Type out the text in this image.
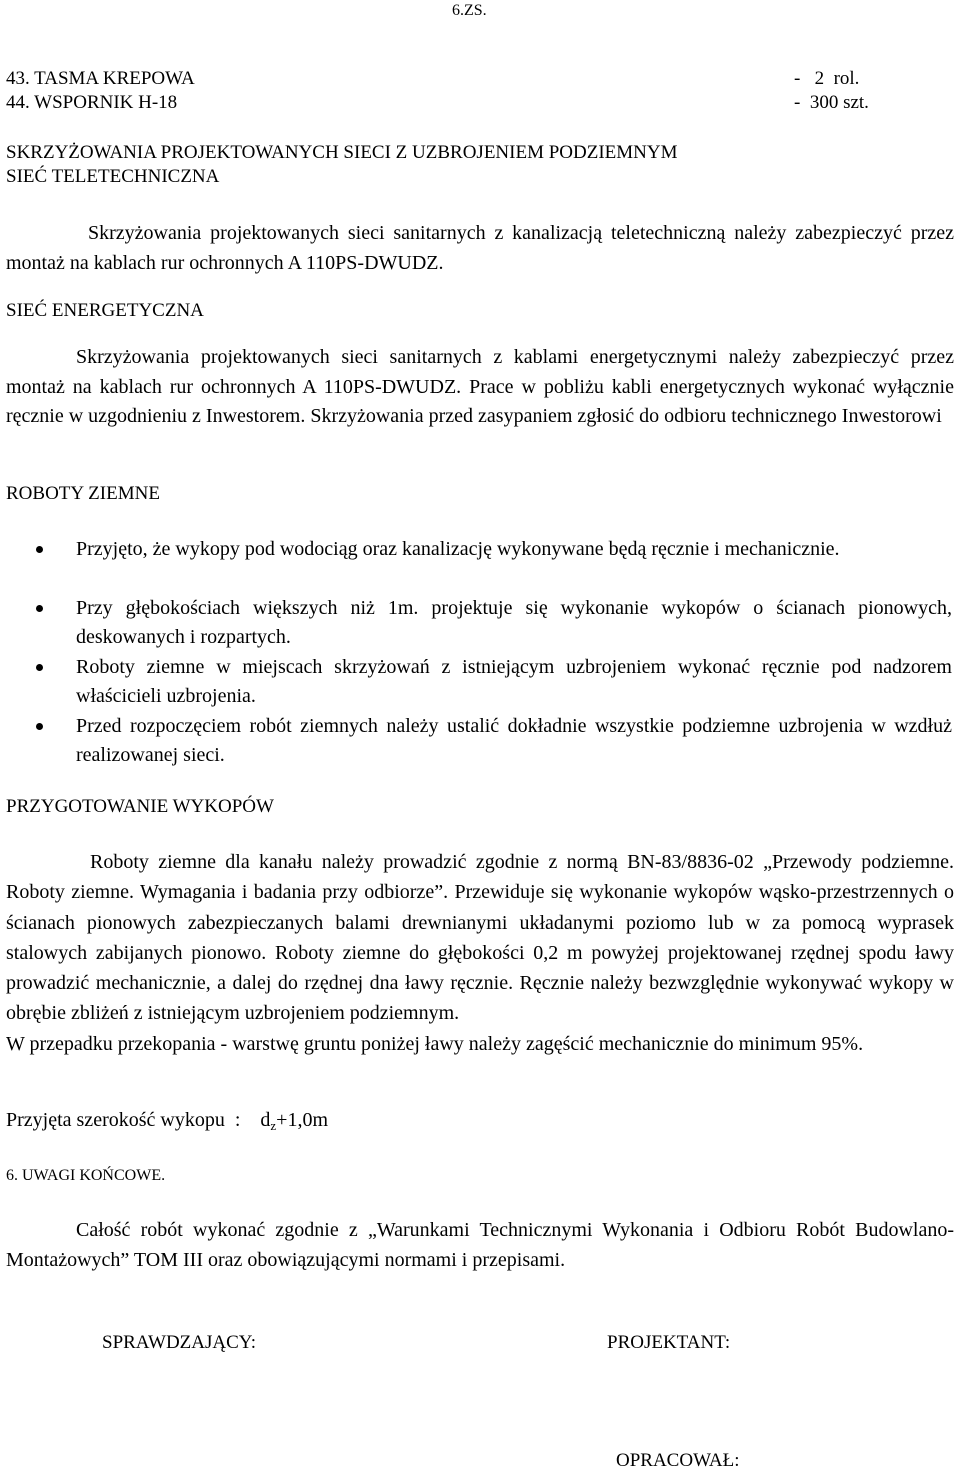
6.ZS.
43. TASMA KREPOWA	-   2  rol.
44. WSPORNIK H-18	-  300 szt.
SKRZYŻOWANIA PROJEKTOWANYCH SIECI Z UZBROJENIEM PODZIEMNYM
SIEĆ TELETECHNICZNA
Skrzyżowania projektowanych sieci sanitarnych z kanalizacją teletechniczną należy zabezpieczyć przez montaż na kablach rur ochronnych A 110PS-DWUDZ.
SIEĆ ENERGETYCZNA
Skrzyżowania projektowanych sieci sanitarnych z kablami energetycznymi należy zabezpieczyć przez montaż na kablach rur ochronnych A 110PS-DWUDZ. Prace w pobliżu kabli energetycznych wykonać wyłącznie ręcznie w uzgodnieniu z Inwestorem. Skrzyżowania przed zasypaniem zgłosić do odbioru technicznego Inwestorowi
ROBOTY ZIEMNE
Przyjęto, że wykopy pod wodociąg oraz kanalizację wykonywane będą ręcznie i mechanicznie.
Przy głębokościach większych niż 1m. projektuje się wykonanie wykopów o ścianach pionowych, deskowanych i rozpartych.
Roboty ziemne w miejscach skrzyżowań z istniejącym uzbrojeniem wykonać ręcznie pod nadzorem właścicieli uzbrojenia.
Przed rozpoczęciem robót ziemnych należy ustalić dokładnie wszystkie podziemne uzbrojenia w wzdłuż realizowanej sieci.
PRZYGOTOWANIE WYKOPÓW
Roboty ziemne dla kanału należy prowadzić zgodnie z normą BN-83/8836-02 „Przewody podziemne. Roboty ziemne. Wymagania i badania przy odbiorze”. Przewiduje się wykonanie wykopów wąsko-przestrzennych o ścianach pionowych zabezpieczanych balami drewnianymi układanymi poziomo lub w za pomocą wyprasek stalowych zabijanych pionowo. Roboty ziemne do głębokości 0,2 m powyżej projektowanej rzędnej spodu ławy prowadzić mechanicznie, a dalej do rzędnej dna ławy ręcznie. Ręcznie należy bezwzględnie wykonywać wykopy w obrębie zbliżeń z istniejącym uzbrojeniem podziemnym.
W przepadku przekopania - warstwę gruntu poniżej ławy należy zagęścić mechanicznie do minimum 95%.
Przyjęta szerokość wykopu  : $d_z+1,0m$
6. UWAGI KOŃCOWE.
Całość robót wykonać zgodnie z „Warunkami Technicznymi Wykonania i Odbioru Robót Budowlano-Montażowych” TOM III oraz obowiązującymi normami i przepisami.
SPRAWDZAJĄCY:	PROJEKTANT:
OPRACOWAŁ:
